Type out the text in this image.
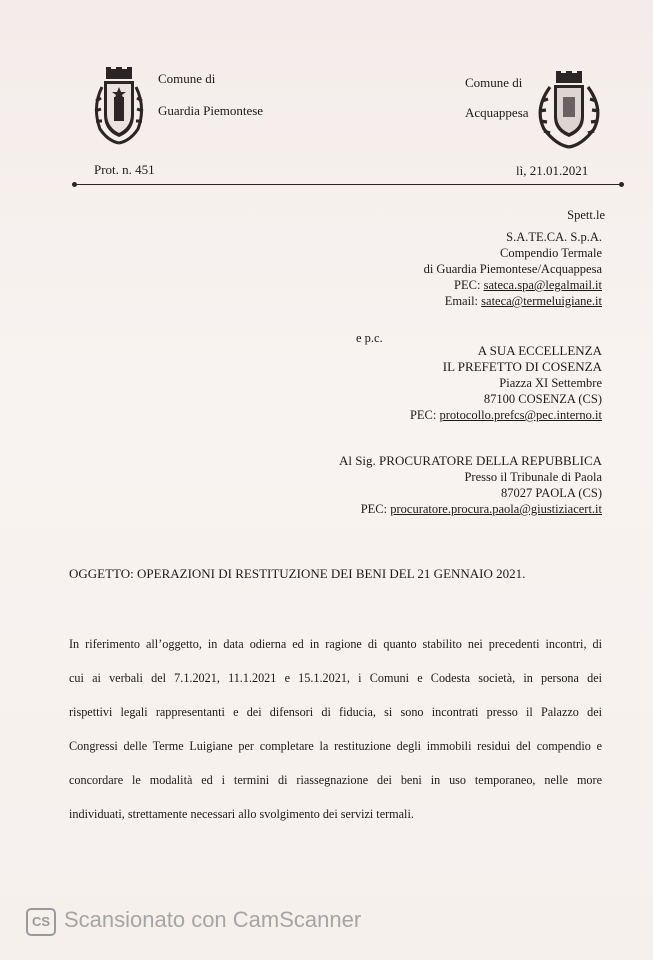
Comune di
Guardia Piemontese
Comune di
Acquappesa
Prot. n. 451	lì, 21.01.2021
Spett.le
S.A.TE.CA. S.p.A.
Compendio Termale
di Guardia Piemontese/Acquappesa
PEC: sateca.spa@legalmail.it
Email: sateca@termeluigiane.it
e p.c.
A SUA ECCELLENZA
IL PREFETTO DI COSENZA
Piazza XI Settembre
87100 COSENZA (CS)
PEC: protocollo.prefcs@pec.interno.it
Al Sig. PROCURATORE DELLA REPUBBLICA
Presso il Tribunale di Paola
87027 PAOLA (CS)
PEC: procuratore.procura.paola@giustiziacert.it
OGGETTO: OPERAZIONI DI RESTITUZIONE DEI BENI DEL 21 GENNAIO 2021.
In riferimento all’oggetto, in data odierna ed in ragione di quanto stabilito nei precedenti incontri, di
cui ai verbali del 7.1.2021, 11.1.2021 e 15.1.2021, i Comuni e Codesta società, in persona dei
rispettivi legali rappresentanti e dei difensori di fiducia, si sono incontrati presso il Palazzo dei
Congressi delle Terme Luigiane per completare la restituzione degli immobili residui del compendio e
concordare le modalità ed i termini di riassegnazione dei beni in uso temporaneo, nelle more
individuati, strettamente necessari allo svolgimento dei servizi termali.
CS Scansionato con CamScanner
